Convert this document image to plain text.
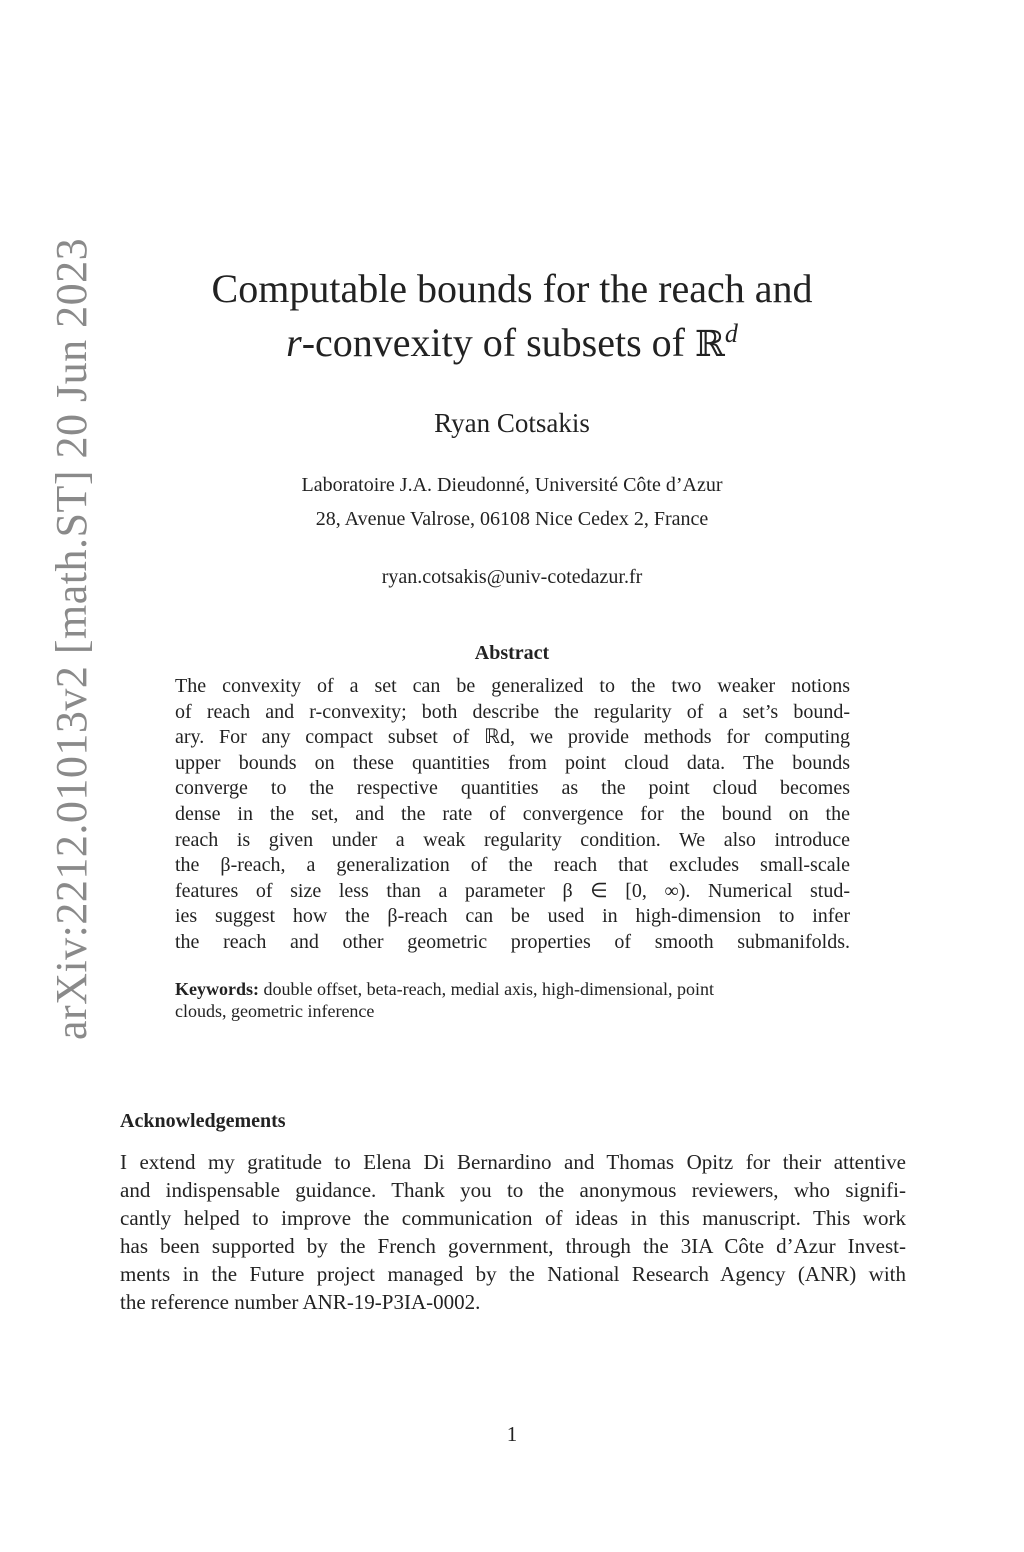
arXiv:2212.01013v2 [math.ST] 20 Jun 2023	Computable bounds for the reach and
r-convexity of subsets of ℝ$^d$
Ryan Cotsakis
Laboratoire J.A. Dieudonné, Université Côte d’Azur
28, Avenue Valrose, 06108 Nice Cedex 2, France
ryan.cotsakis@univ-cotedazur.fr
Abstract
The convexity of a set can be generalized to the two weaker notions
of reach and r-convexity; both describe the regularity of a set’s bound-
ary. For any compact subset of ℝd, we provide methods for computing
upper bounds on these quantities from point cloud data. The bounds
converge to the respective quantities as the point cloud becomes
dense in the set, and the rate of convergence for the bound on the
reach is given under a weak regularity condition. We also introduce
the β-reach, a generalization of the reach that excludes small-scale
features of size less than a parameter β ∈ [0, ∞). Numerical stud-
ies suggest how the β-reach can be used in high-dimension to infer
the reach and other geometric properties of smooth submanifolds.
Keywords: double offset, beta-reach, medial axis, high-dimensional, point
clouds, geometric inference
Acknowledgements
I extend my gratitude to Elena Di Bernardino and Thomas Opitz for their attentive
and indispensable guidance. Thank you to the anonymous reviewers, who signifi-
cantly helped to improve the communication of ideas in this manuscript. This work
has been supported by the French government, through the 3IA Côte d’Azur Invest-
ments in the Future project managed by the National Research Agency (ANR) with
the reference number ANR-19-P3IA-0002.
1
